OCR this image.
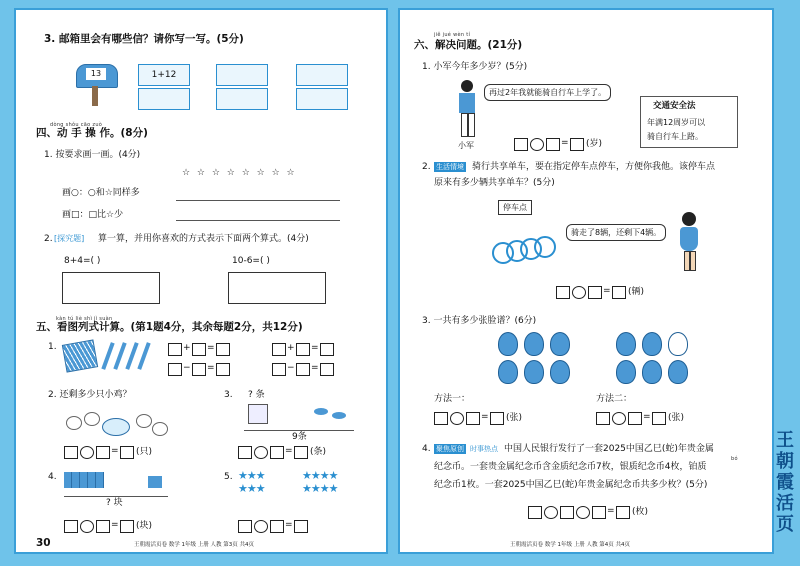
3. 邮箱里会有哪些信？请你写一写。(5分)
13	1+12
dòng shǒu cāo zuò
四、动 手 操 作。(8分)
1. 按要求画一画。(4分)
☆ ☆ ☆ ☆ ☆ ☆ ☆ ☆
画○：○和☆同样多
画□：□比☆少
2. [探究题] 算一算，并用你喜欢的方式表示下面两个算式。(4分)
8+4=( )	10-6=( )
kàn tú liè shì jì suàn
五、看图列式计算。(第1题4分，其余每题2分，共12分)
1.	+ =
− =
+ =
− =
2. 还剩多少只小鸡？
= (只)
3. ? 条
9条
= (条)
4.
? 块
= (块)
5. ★★★
★★★
★★★★
★★★★
=
30	王朝霞活页卷 数学 1年级 上册 人教 第3页 共4页
jiě jué wèn tí
六、解决问题。(21分)
1. 小军今年多少岁？(5分)
再过2年我就能骑自行车上学了。
小军
交通安全法
年满12周岁可以
骑自行车上路。
= (岁)
2. 生活情境 骑行共享单车，要在指定停车点停车，方便你我他。该停车点
原来有多少辆共享单车？(5分)
停车点
骑走了8辆，还剩下4辆。
= (辆)
3. 一共有多少张脸谱？(6分)
方法一：	方法二：
= (张)	= (张)
4. 聚焦原创 时事热点 中国人民银行发行了一套2025中国乙巳(蛇)年贵金属
bó
纪念币。一套贵金属纪念币含金质纪念币7枚，银质纪念币4枚，铂质
纪念币1枚。一套2025中国乙巳(蛇)年贵金属纪念币共多少枚？(5分)
= (枚)
王朝霞活页卷 数学 1年级 上册 人教 第4页 共4页
王朝霞活页
